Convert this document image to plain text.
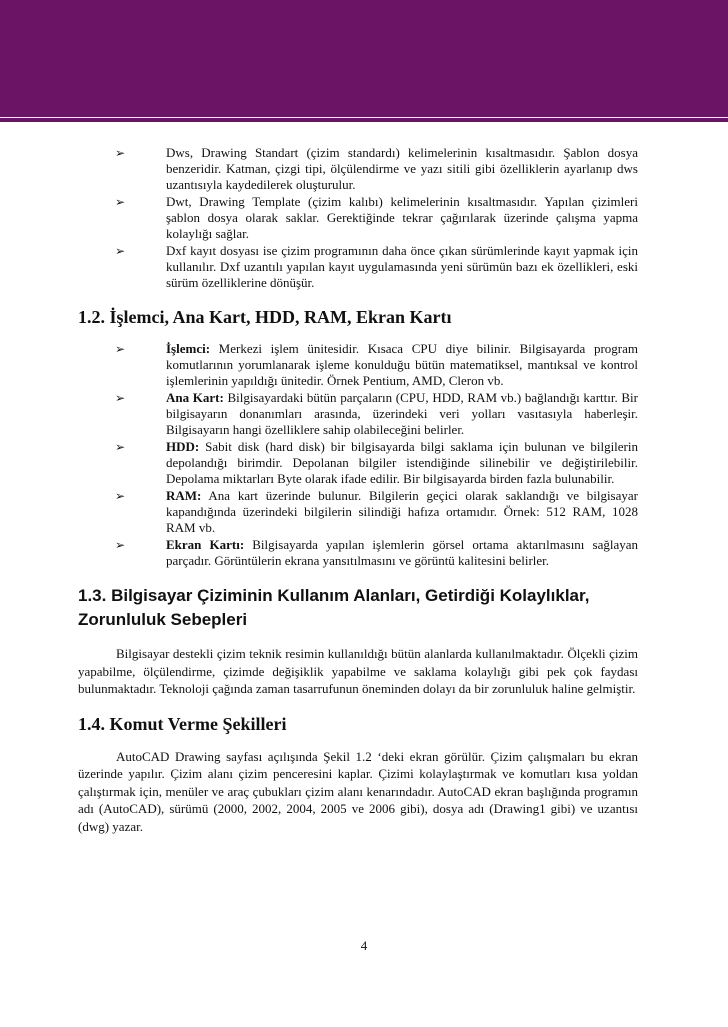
➢	Dws, Drawing Standart (çizim standardı) kelimelerinin kısaltmasıdır. Şablon dosya benzeridir. Katman, çizgi tipi, ölçülendirme ve yazı sitili gibi özelliklerin ayarlanıp dws uzantısıyla kaydedilerek oluşturulur.
➢	Dwt, Drawing Template (çizim kalıbı) kelimelerinin kısaltmasıdır. Yapılan çizimleri şablon dosya olarak saklar. Gerektiğinde tekrar çağırılarak üzerinde çalışma yapma kolaylığı sağlar.
➢	Dxf kayıt dosyası ise çizim programının daha önce çıkan sürümlerinde kayıt yapmak için kullanılır. Dxf uzantılı yapılan kayıt uygulamasında yeni sürümün bazı ek özellikleri, eski sürüm özelliklerine dönüşür.
1.2. İşlemci, Ana Kart, HDD, RAM, Ekran Kartı
➢	İşlemci: Merkezi işlem ünitesidir. Kısaca CPU diye bilinir. Bilgisayarda program komutlarının yorumlanarak işleme konulduğu bütün matematiksel, mantıksal ve kontrol işlemlerinin yapıldığı ünitedir. Örnek Pentium, AMD, Cleron vb.
➢	Ana Kart: Bilgisayardaki bütün parçaların (CPU, HDD, RAM vb.) bağlandığı karttır. Bir bilgisayarın donanımları arasında, üzerindeki veri yolları vasıtasıyla haberleşir. Bilgisayarın hangi özelliklere sahip olabileceğini belirler.
➢	HDD: Sabit disk (hard disk) bir bilgisayarda bilgi saklama için bulunan ve bilgilerin depolandığı birimdir. Depolanan bilgiler istendiğinde silinebilir ve değiştirilebilir. Depolama miktarları Byte olarak ifade edilir. Bir bilgisayarda birden fazla bulunabilir.
➢	RAM: Ana kart üzerinde bulunur. Bilgilerin geçici olarak saklandığı ve bilgisayar kapandığında üzerindeki bilgilerin silindiği hafıza ortamıdır. Örnek: 512 RAM, 1028 RAM vb.
➢	Ekran Kartı: Bilgisayarda yapılan işlemlerin görsel ortama aktarılmasını sağlayan parçadır. Görüntülerin ekrana yansıtılmasını ve görüntü kalitesini belirler.
1.3. Bilgisayar Çiziminin Kullanım Alanları, Getirdiği Kolaylıklar, Zorunluluk Sebepleri

Bilgisayar destekli çizim teknik resimin kullanıldığı bütün alanlarda kullanılmaktadır. Ölçekli çizim yapabilme, ölçülendirme, çizimde değişiklik yapabilme ve saklama kolaylığı gibi pek çok faydası bulunmaktadır. Teknoloji çağında zaman tasarrufunun öneminden dolayı da bir zorunluluk haline gelmiştir.

1.4. Komut Verme Şekilleri

AutoCAD Drawing sayfası açılışında Şekil 1.2 ‘deki ekran görülür. Çizim çalışmaları bu ekran üzerinde yapılır. Çizim alanı çizim penceresini kaplar. Çizimi kolaylaştırmak ve komutları kısa yoldan çalıştırmak için, menüler ve araç çubukları çizim alanı kenarındadır. AutoCAD ekran başlığında programın adı (AutoCAD), sürümü (2000, 2002, 2004, 2005 ve 2006 gibi), dosya adı (Drawing1 gibi) ve uzantısı (dwg) yazar.

4
